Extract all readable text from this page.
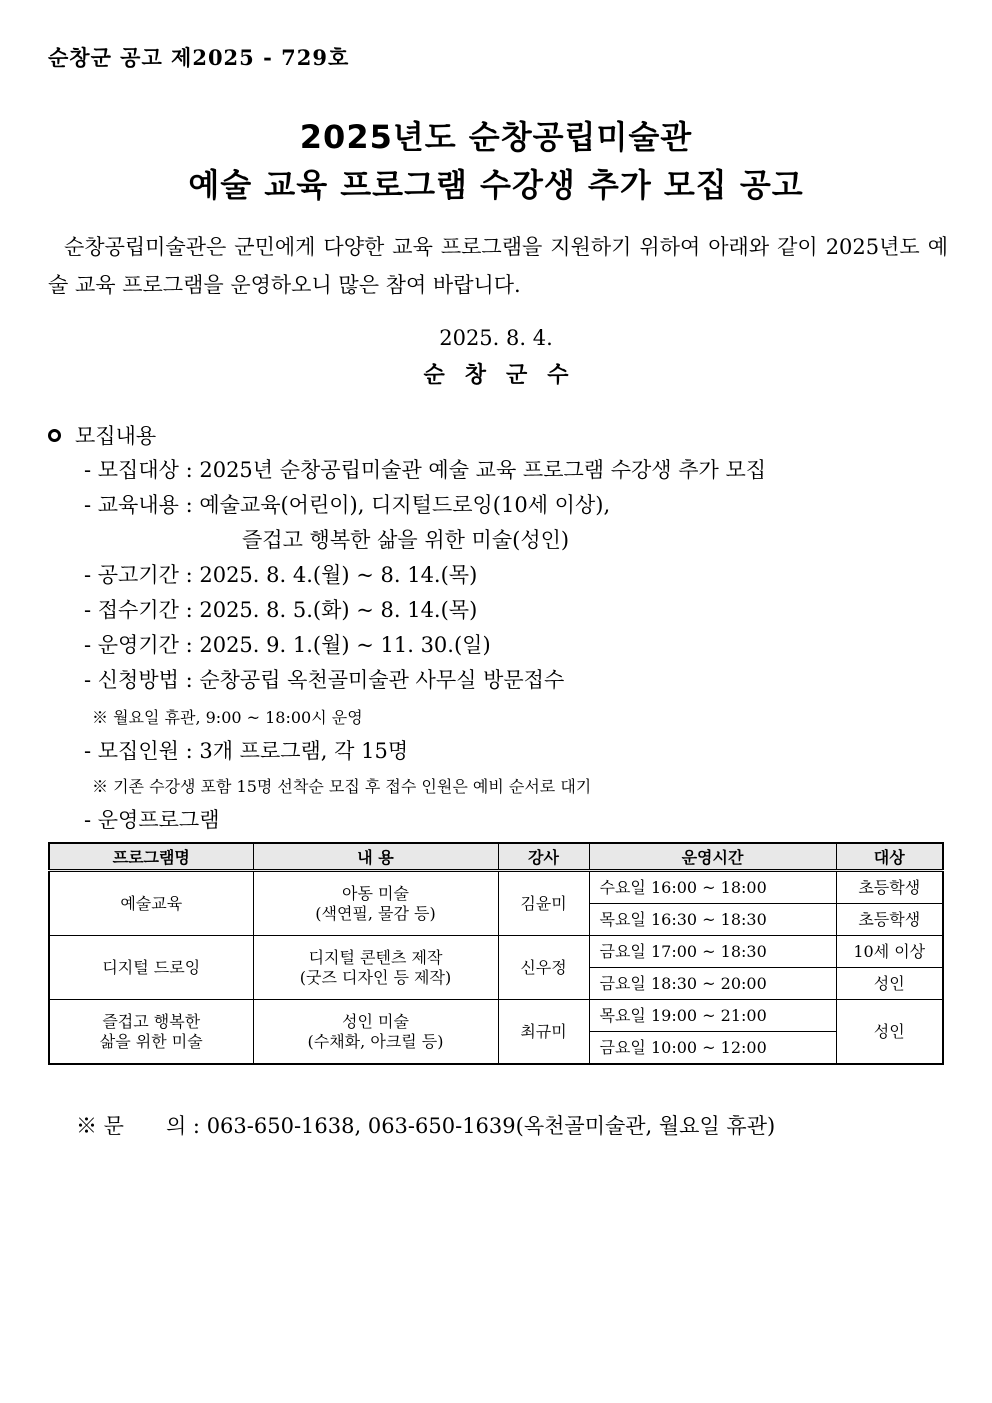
순창군 공고 제2025 - 729호
2025년도 순창공립미술관
예술 교육 프로그램 수강생 추가 모집 공고
순창공립미술관은 군민에게 다양한 교육 프로그램을 지원하기 위하여 아래와 같이 2025년도 예술 교육 프로그램을 운영하오니 많은 참여 바랍니다.
2025. 8. 4.
순창군수
모집내용
- 모집대상 : 2025년 순창공립미술관 예술 교육 프로그램 수강생 추가 모집
- 교육내용 : 예술교육(어린이), 디지털드로잉(10세 이상),
즐겁고 행복한 삶을 위한 미술(성인)
- 공고기간 : 2025. 8. 4.(월) ~ 8. 14.(목)
- 접수기간 : 2025. 8. 5.(화) ~ 8. 14.(목)
- 운영기간 : 2025. 9. 1.(월) ~ 11. 30.(일)
- 신청방법 : 순창공립 옥천골미술관 사무실 방문접수
※ 월요일 휴관, 9:00 ~ 18:00시 운영
- 모집인원 : 3개 프로그램, 각 15명
※ 기존 수강생 포함 15명 선착순 모집 후 접수 인원은 예비 순서로 대기
- 운영프로그램
프로그램명	내 용	강사	운영시간	대상
예술교육	아동 미술
(색연필, 물감 등)	김윤미	수요일 16:00 ~ 18:00	초등학생
			목요일 16:30 ~ 18:30	초등학생
디지털 드로잉	디지털 콘텐츠 제작
(굿즈 디자인 등 제작)	신우정	금요일 17:00 ~ 18:30	10세 이상
			금요일 18:30 ~ 20:00	성인
즐겁고 행복한
삶을 위한 미술	성인 미술
(수채화, 아크릴 등)	최규미	목요일 19:00 ~ 21:00	성인
			금요일 10:00 ~ 12:00	
※ 문　　의 : 063-650-1638, 063-650-1639(옥천골미술관, 월요일 휴관)
